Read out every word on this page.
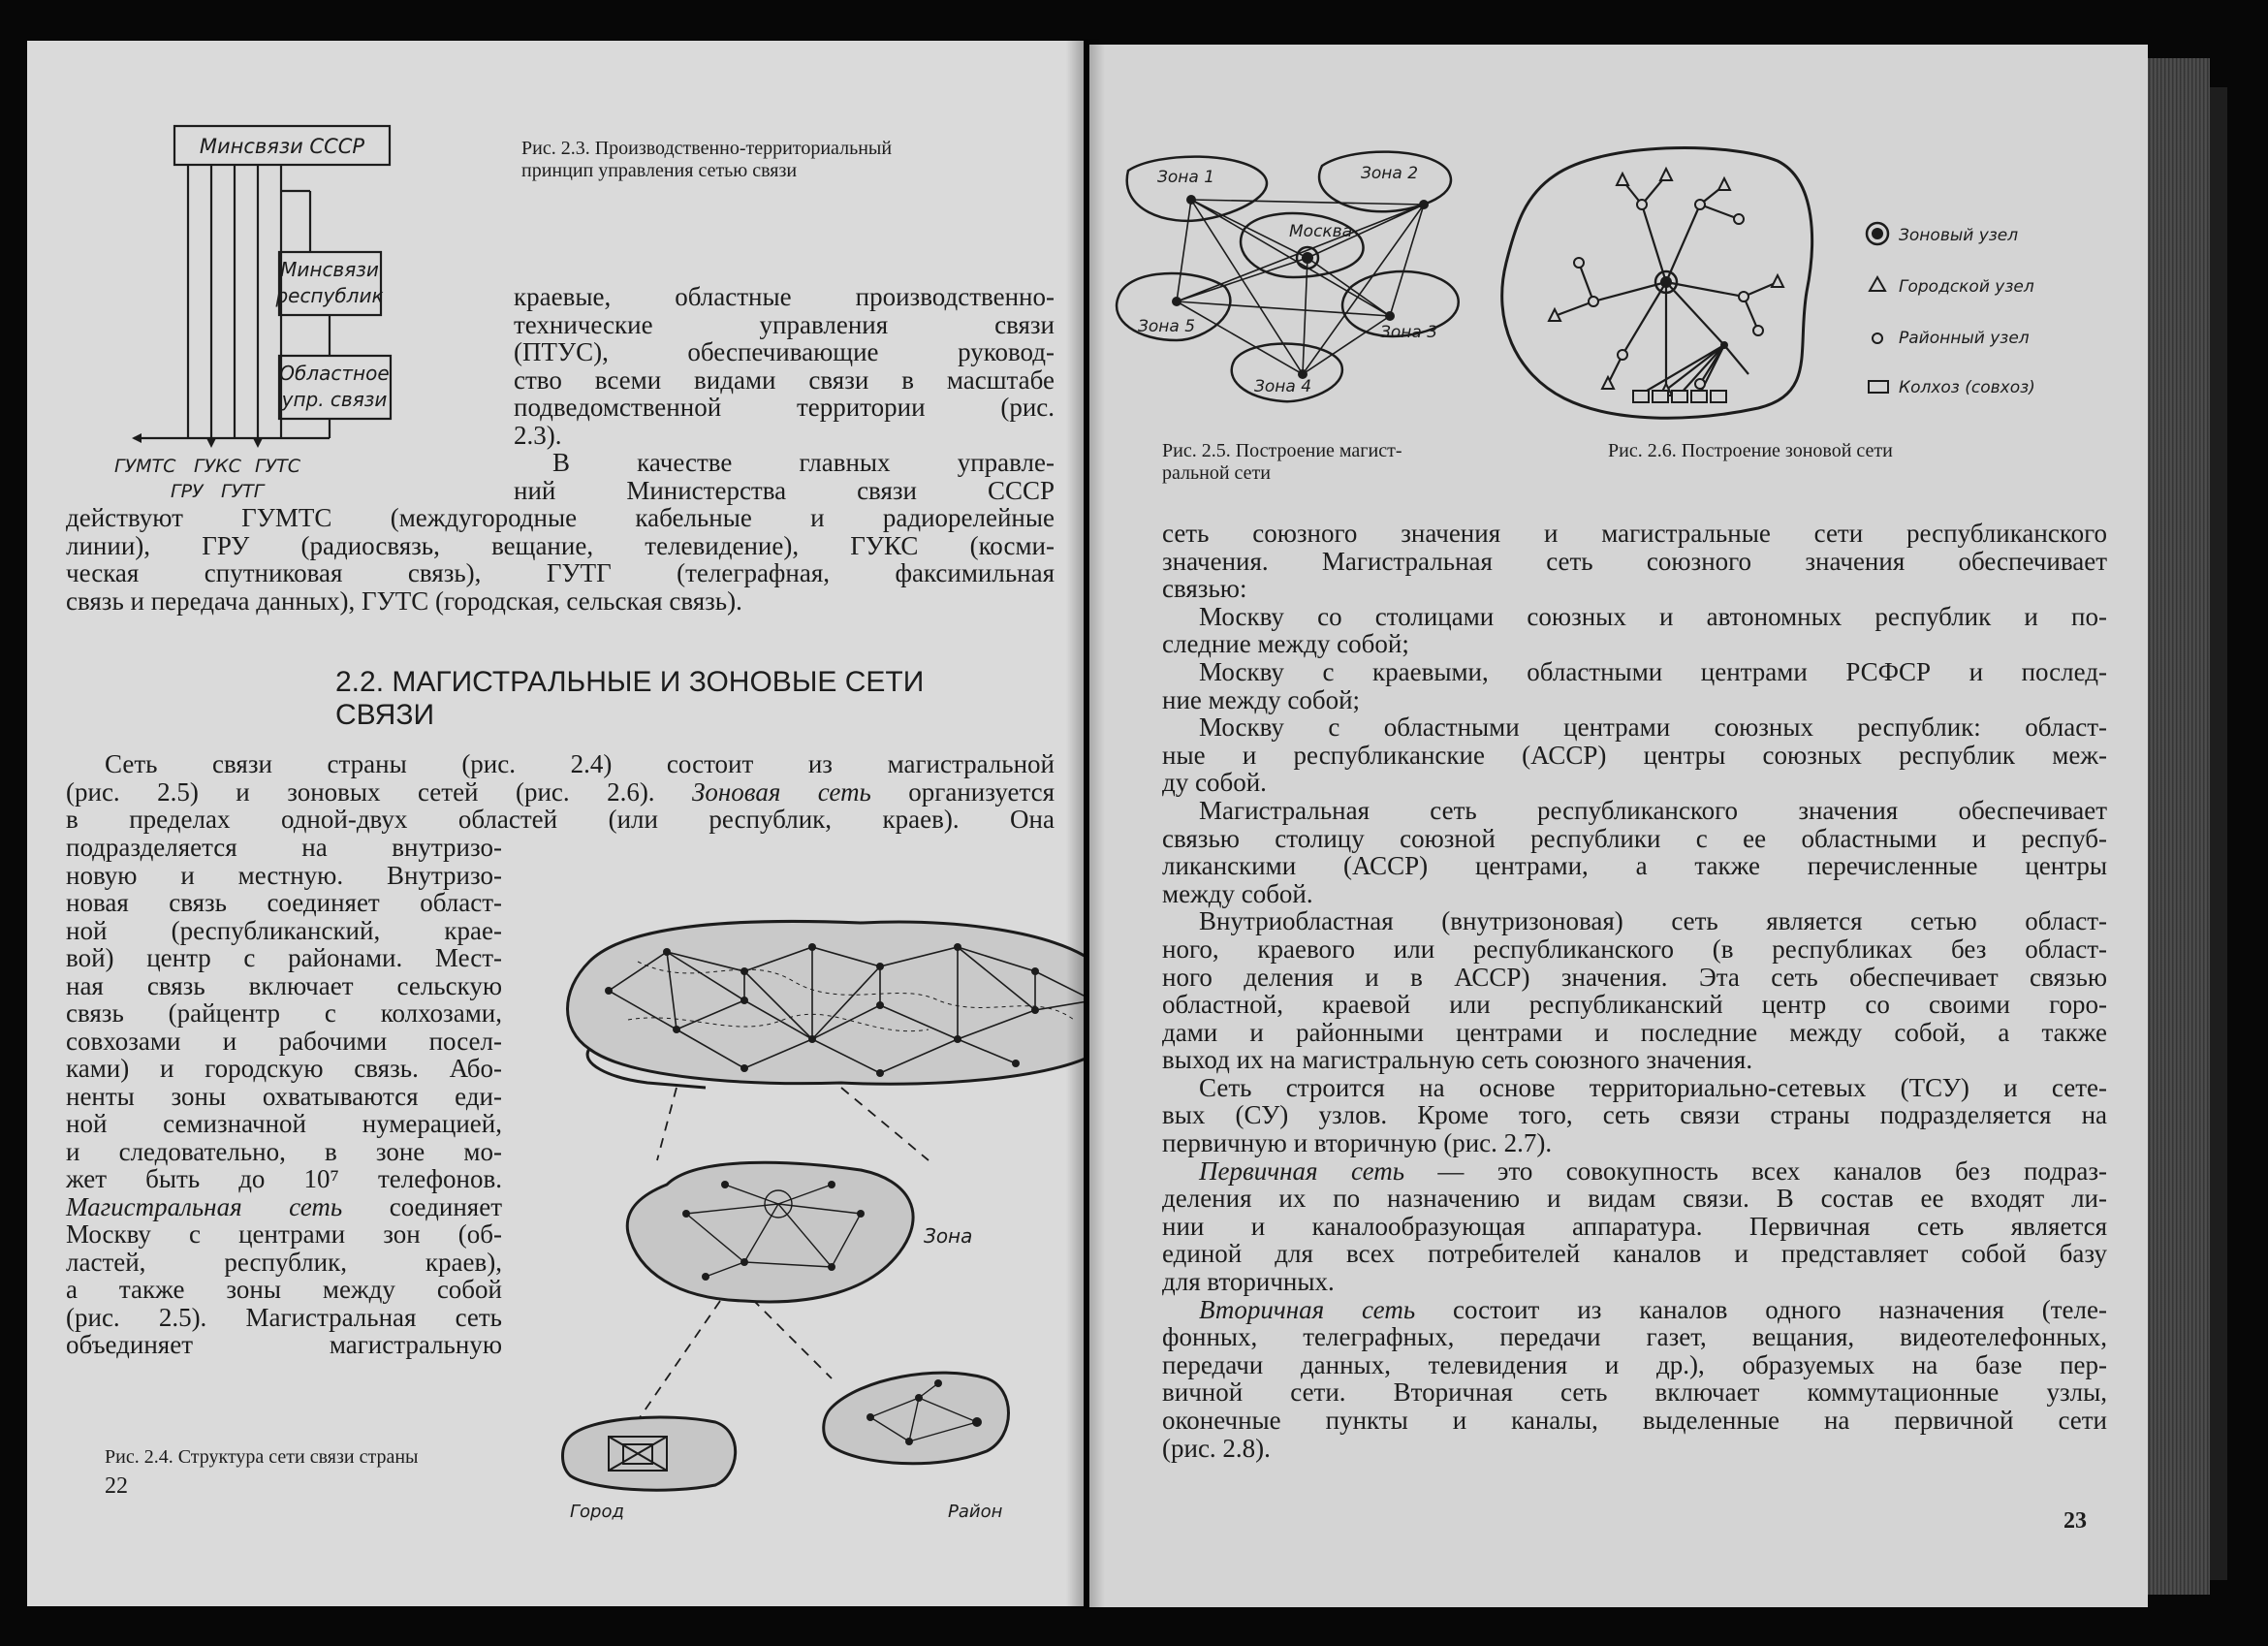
Минсвязи СССР
Минсвязи
республик
Областное
упр. связи
ГУМТС ГУКС ГУТС
ГРУ ГУТГ
Рис. 2.3. Производственно-территориальный
принцип управления сетью связи

краевые, областные производственно-

технические управления связи

(ПТУС), обеспечивающие руковод-

ство всеми видами связи в масштабе

подведомственной территории (рис.

2.3).

В качестве главных управле-

ний Министерства связи СССР

действуют ГУМТС (междугородные кабельные и радиорелейные

линии), ГРУ (радиосвязь, вещание, телевидение), ГУКС (косми-

ческая спутниковая связь), ГУТГ (телеграфная, факсимильная

связь и передача данных), ГУТС (городская, сельская связь).

2.2. МАГИСТРАЛЬНЫЕ И ЗОНОВЫЕ СЕТИ
СВЯЗИ

Сеть связи страны (рис. 2.4) состоит из магистральной

(рис. 2.5) и зоновых сетей (рис. 2.6). Зоновая сеть организуется

в пределах одной-двух областей (или республик, краев). Она

подразделяется на внутризо-

новую и местную. Внутризо-

новая связь соединяет област-

ной (республиканский, крае-

вой) центр с районами. Мест-

ная связь включает сельскую

связь (райцентр с колхозами,

совхозами и рабочими посел-

ками) и городскую связь. Або-

ненты зоны охватываются еди-

ной семизначной нумерацией,

и следовательно, в зоне мо-

жет быть до 10⁷ телефонов.

Магистральная сеть соединяет

Москву с центрами зон (об-

ластей, республик, краев),

а также зоны между собой

(рис. 2.5). Магистральная сеть

объединяет магистральную

Зона
Город	Район
Рис. 2.4. Структура сети связи страны
22
Зона 1	Зона 2
Москва
Зона 5	Зона 3
Зона 4
Рис. 2.5. Построение магист-
ральной сети
Зоновый узел
Городской узел
Районный узел
Колхоз (совхоз)
Рис. 2.6. Построение зоновой сети

сеть союзного значения и магистральные сети республиканского

значения. Магистральная сеть союзного значения обеспечивает

связью:

Москву со столицами союзных и автономных республик и по-

следние между собой;

Москву с краевыми, областными центрами РСФСР и послед-

ние между собой;

Москву с областными центрами союзных республик: област-

ные и республиканские (АССР) центры союзных республик меж-

ду собой.

Магистральная сеть республиканского значения обеспечивает

связью столицу союзной республики с ее областными и респуб-

ликанскими (АССР) центрами, а также перечисленные центры

между собой.

Внутриобластная (внутризоновая) сеть является сетью област-

ного, краевого или республиканского (в республиках без област-

ного деления и в АССР) значения. Эта сеть обеспечивает связью

областной, краевой или республиканский центр со своими горо-

дами и районными центрами и последние между собой, а также

выход их на магистральную сеть союзного значения.

Сеть строится на основе территориально-сетевых (ТСУ) и сете-

вых (СУ) узлов. Кроме того, сеть связи страны подразделяется на

первичную и вторичную (рис. 2.7).

Первичная сеть — это совокупность всех каналов без подраз-

деления их по назначению и видам связи. В состав ее входят ли-

нии и каналообразующая аппаратура. Первичная сеть является

единой для всех потребителей каналов и представляет собой базу

для вторичных.

Вторичная сеть состоит из каналов одного назначения (теле-

фонных, телеграфных, передачи газет, вещания, видеотелефонных,

передачи данных, телевидения и др.), образуемых на базе пер-

вичной сети. Вторичная сеть включает коммутационные узлы,

оконечные пункты и каналы, выделенные на первичной сети

(рис. 2.8).

23
